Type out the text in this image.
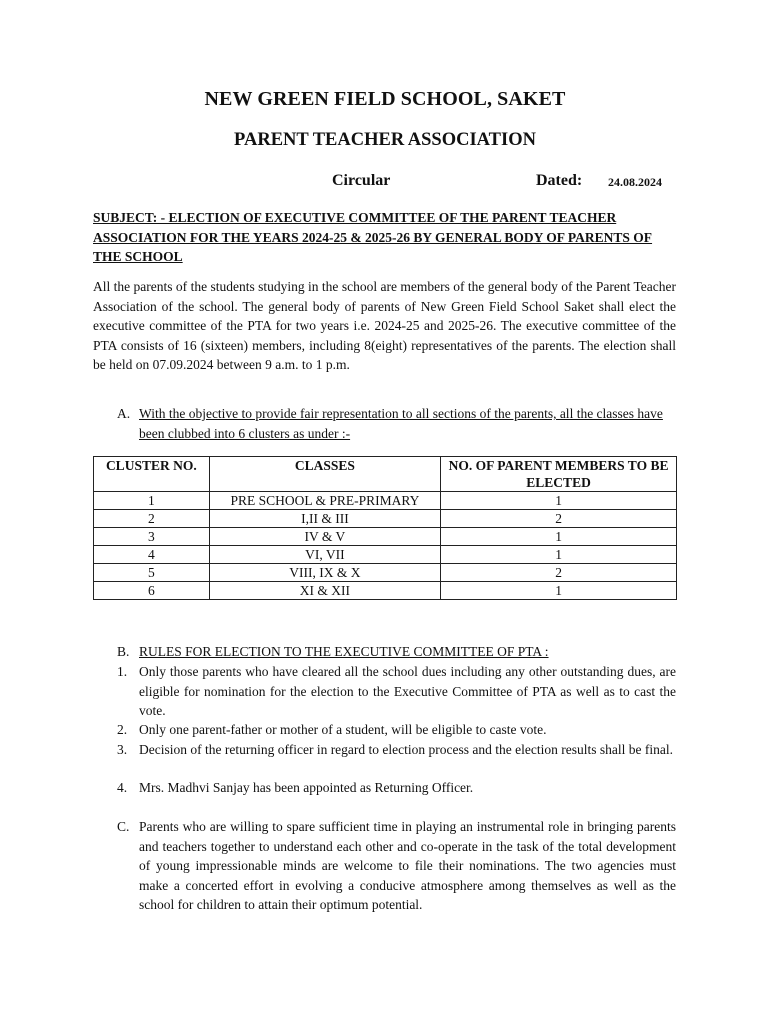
NEW GREEN FIELD SCHOOL, SAKET
PARENT TEACHER ASSOCIATION
Circular	Dated: 24.08.2024
SUBJECT: - ELECTION OF EXECUTIVE COMMITTEE OF THE PARENT TEACHER ASSOCIATION FOR THE YEARS 2024-25 & 2025-26 BY GENERAL BODY OF PARENTS OF THE SCHOOL
All the parents of the students studying in the school are members of the general body of the Parent Teacher Association of the school. The general body of parents of New Green Field School Saket shall elect the executive committee of the PTA for two years i.e. 2024-25 and 2025-26. The executive committee of the PTA consists of 16 (sixteen) members, including 8(eight) representatives of the parents. The election shall be held on 07.09.2024 between 9 a.m. to 1 p.m.
A. With the objective to provide fair representation to all sections of the parents, all the classes have been clubbed into 6 clusters as under :-
CLUSTER NO.	CLASSES	NO. OF PARENT MEMBERS TO BE ELECTED
1	PRE SCHOOL & PRE-PRIMARY	1
2	I,II & III	2
3	IV & V	1
4	VI, VII	1
5	VIII, IX & X	2
6	XI & XII	1
B. RULES FOR ELECTION TO THE EXECUTIVE COMMITTEE OF PTA :
1. Only those parents who have cleared all the school dues including any other outstanding dues, are eligible for nomination for the election to the Executive Committee of PTA as well as to cast the vote.
2. Only one parent-father or mother of a student, will be eligible to caste vote.
3. Decision of the returning officer in regard to election process and the election results shall be final.
4. Mrs. Madhvi Sanjay has been appointed as Returning Officer.
C. Parents who are willing to spare sufficient time in playing an instrumental role in bringing parents and teachers together to understand each other and co-operate in the task of the total development of young impressionable minds are welcome to file their nominations. The two agencies must make a concerted effort in evolving a conducive atmosphere among themselves as well as the school for children to attain their optimum potential.
